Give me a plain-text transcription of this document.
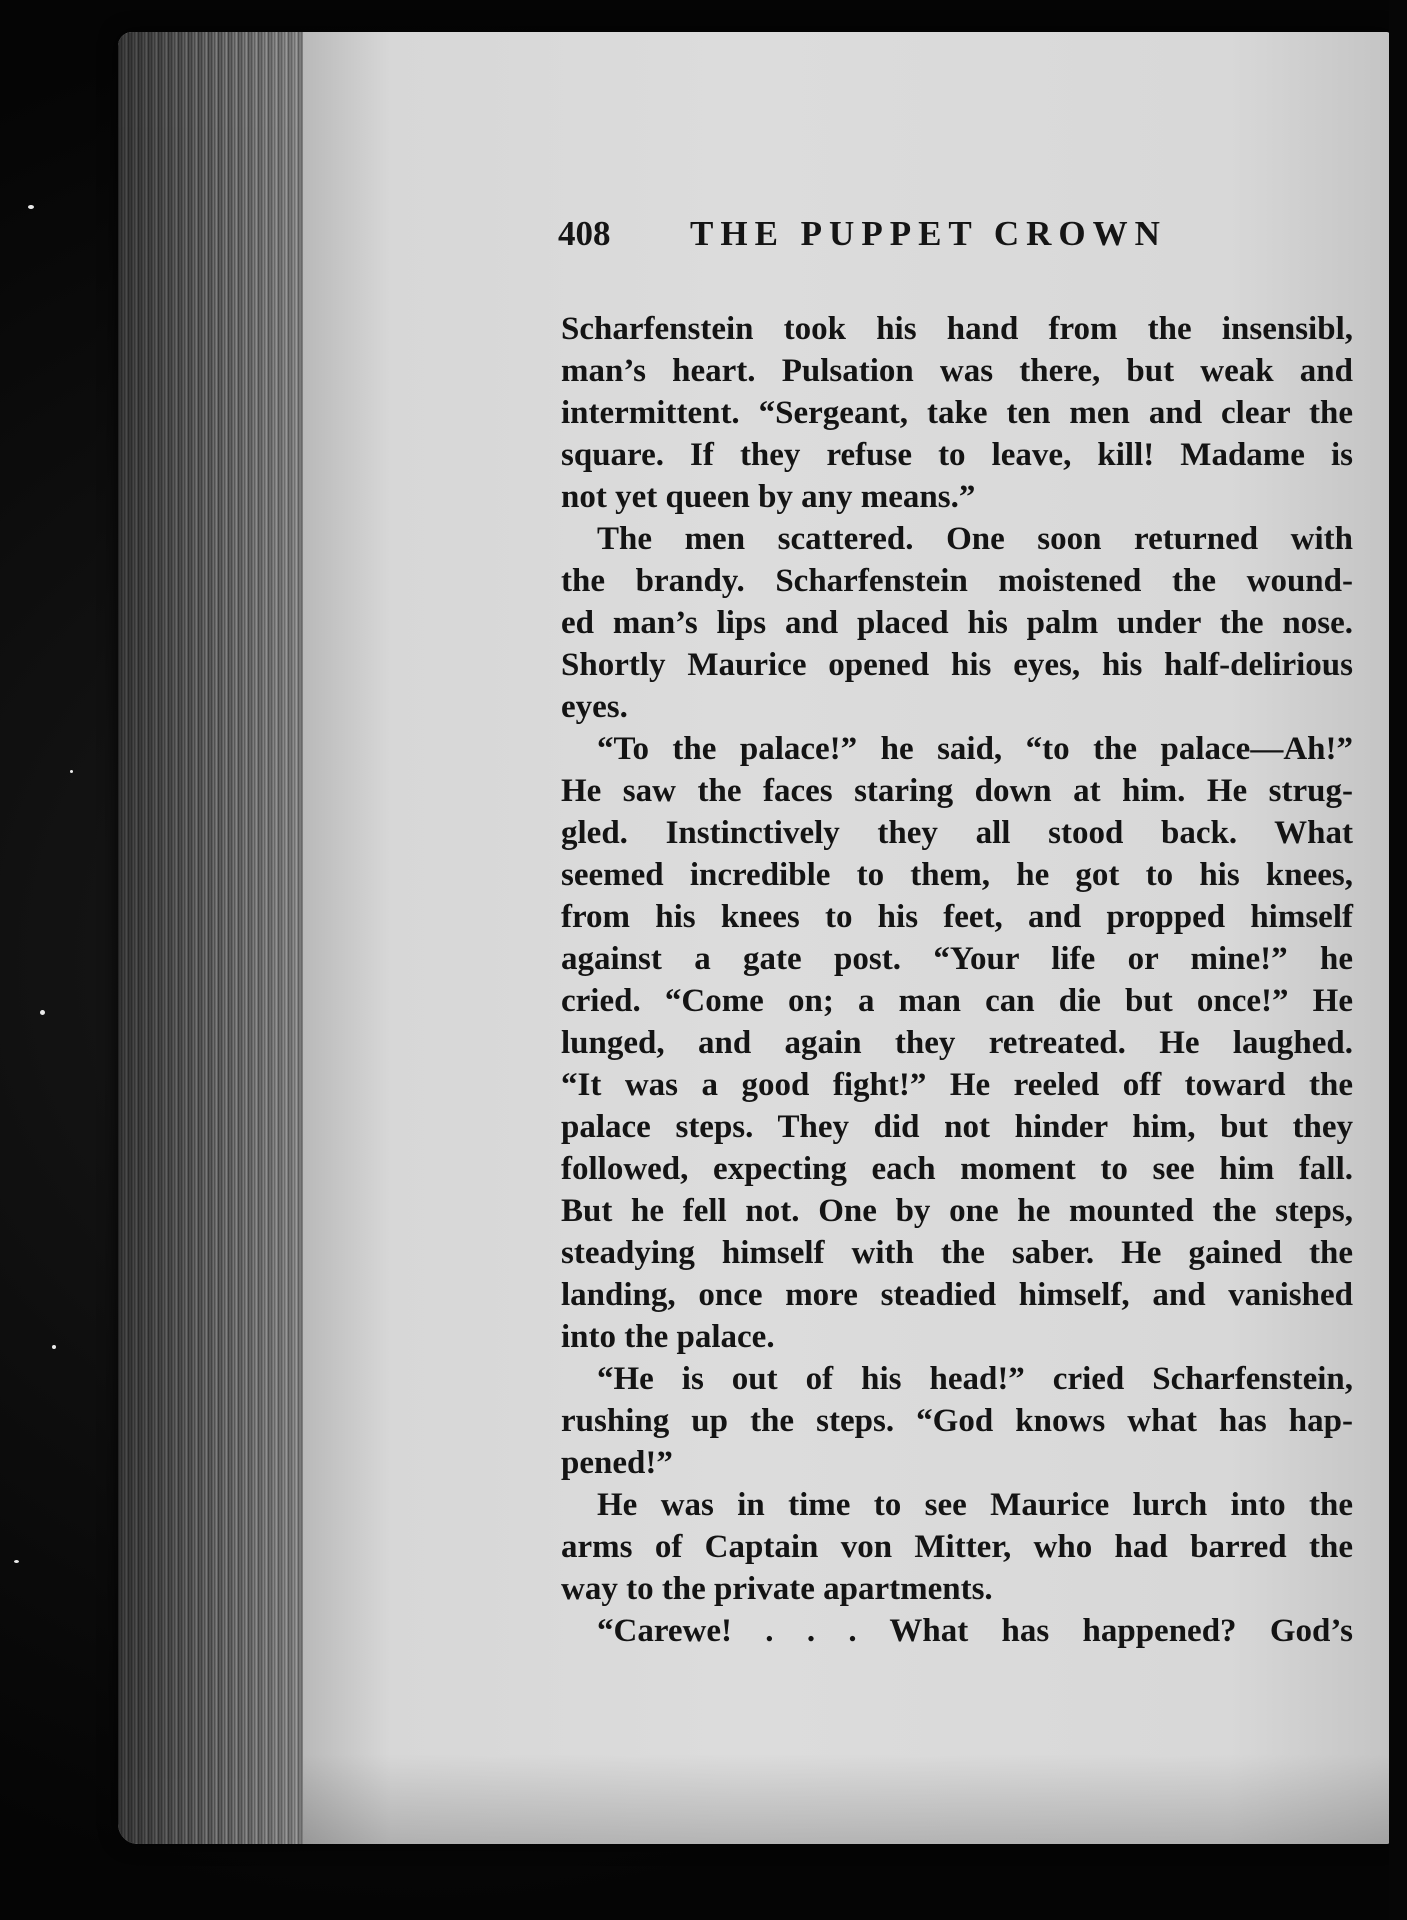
408 THE PUPPET CROWN
Scharfenstein took his hand from the insensibl,
man’s heart. Pulsation was there, but weak and
intermittent. “Sergeant, take ten men and clear the
square. If they refuse to leave, kill! Madame is
not yet queen by any means.”
The men scattered. One soon returned with
the brandy. Scharfenstein moistened the wound-
ed man’s lips and placed his palm under the nose.
Shortly Maurice opened his eyes, his half-delirious
eyes.
“To the palace!” he said, “to the palace—Ah!”
He saw the faces staring down at him. He strug-
gled. Instinctively they all stood back. What
seemed incredible to them, he got to his knees,
from his knees to his feet, and propped himself
against a gate post. “Your life or mine!” he
cried. “Come on; a man can die but once!” He
lunged, and again they retreated. He laughed.
“It was a good fight!” He reeled off toward the
palace steps. They did not hinder him, but they
followed, expecting each moment to see him fall.
But he fell not. One by one he mounted the steps,
steadying himself with the saber. He gained the
landing, once more steadied himself, and vanished
into the palace.
“He is out of his head!” cried Scharfenstein,
rushing up the steps. “God knows what has hap-
pened!”
He was in time to see Maurice lurch into the
arms of Captain von Mitter, who had barred the
way to the private apartments.
“Carewe! . . . What has happened? God’s
